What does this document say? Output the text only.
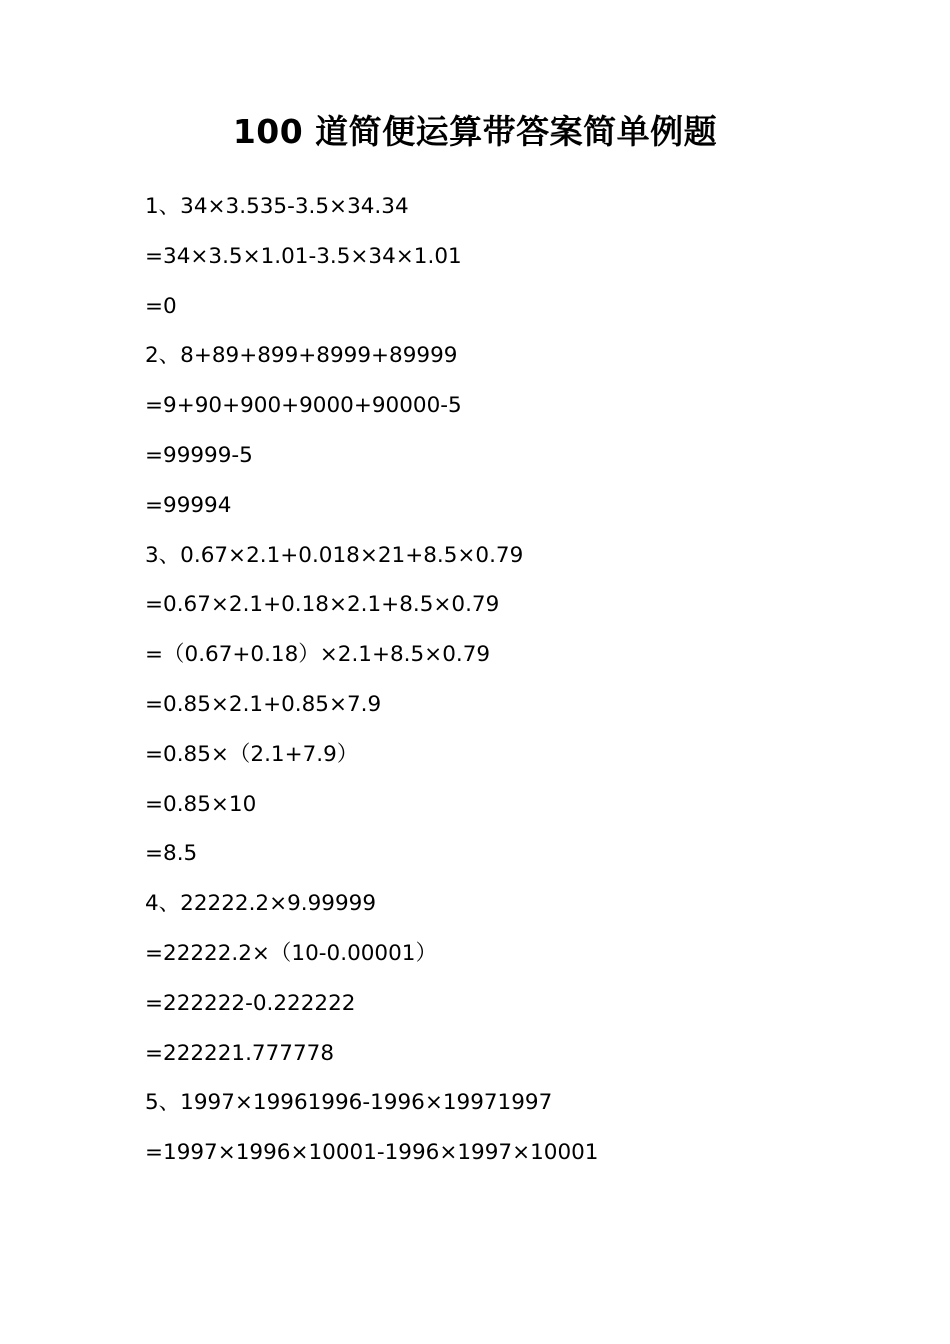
100 道简便运算带答案简单例题
1、34×3.535-3.5×34.34
=34×3.5×1.01-3.5×34×1.01
=0
2、8+89+899+8999+89999
=9+90+900+9000+90000-5
=99999-5
=99994
3、0.67×2.1+0.018×21+8.5×0.79
=0.67×2.1+0.18×2.1+8.5×0.79
=（0.67+0.18）×2.1+8.5×0.79
=0.85×2.1+0.85×7.9
=0.85×（2.1+7.9）
=0.85×10
=8.5
4、22222.2×9.99999
=22222.2×（10-0.00001）
=222222-0.222222
=222221.777778
5、1997×19961996-1996×19971997
=1997×1996×10001-1996×1997×10001
